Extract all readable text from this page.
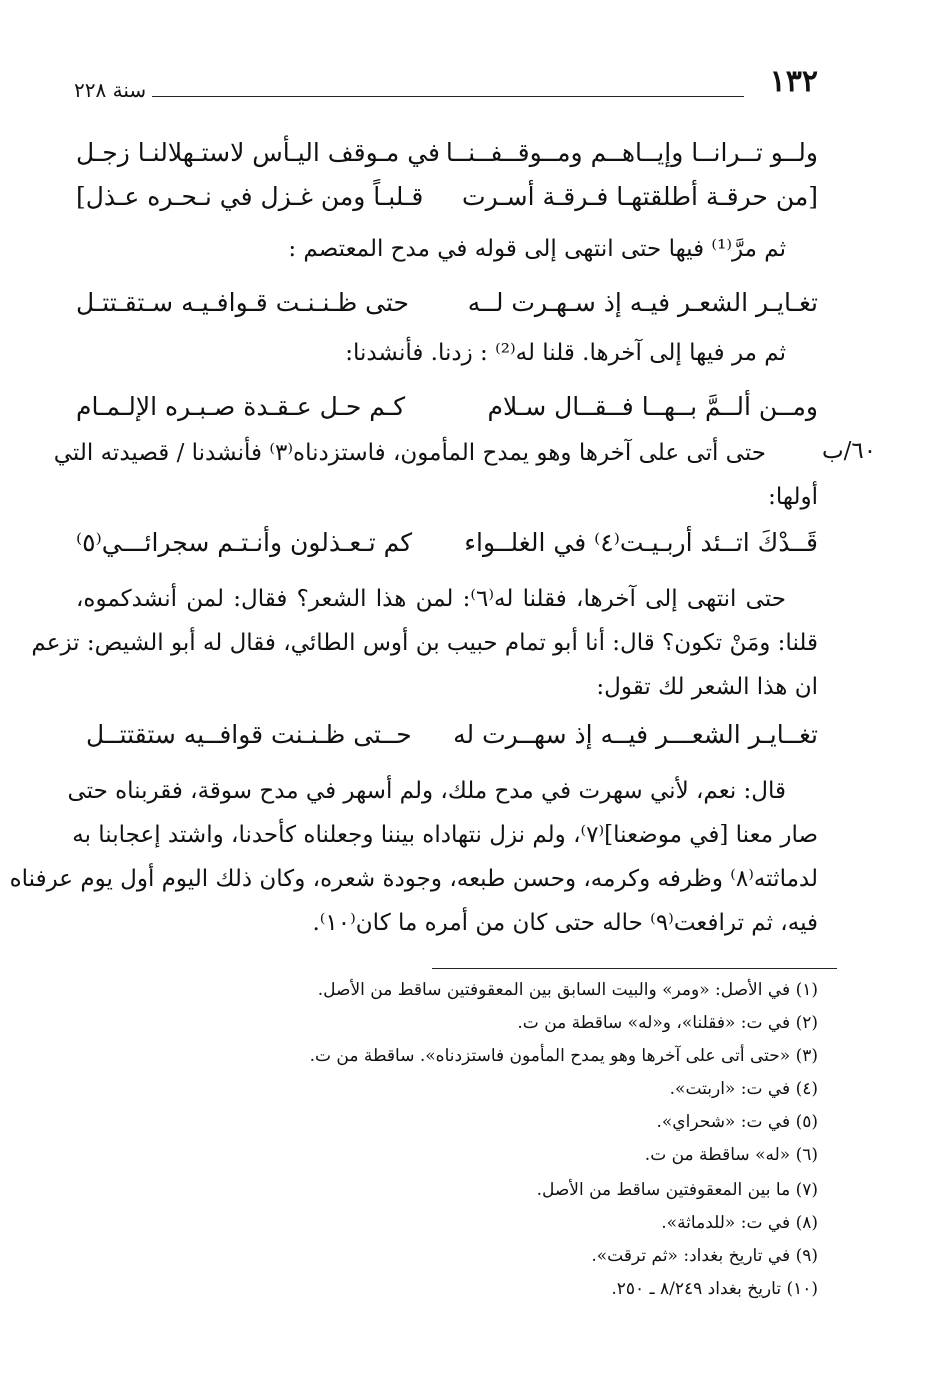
١٣٢
سنة ٢٢٨
ولــو تــرانــا وإيــاهــم ومــوقــفــنــا
في مـوقف اليـأس لاستـهلالنـا زجـل
[من حرقـة أطلقتهـا فـرقـة أسـرت
قـلبـاً ومن غـزل في نـحـره عـذل]
ثم مرَّ⁽¹⁾ فيها حتى انتهى إلى قوله في مدح المعتصم :
تغـايـر الشعـر فيـه إذ سـهـرت لــه
حتى ظـنـنـت قـوافـيـه سـتقـتتـل
ثم مر فيها إلى آخرها. قلنا له⁽²⁾ : زدنا. فأنشدنا:
ومــن ألــمَّ بــهــا فــقــال سـلام
كـم حـل عـقـدة صـبـره الإلـمـام
٦٠/ب
حتى أتى على آخرها وهو يمدح المأمون، فاستزدناه⁽٣⁾ فأنشدنا / قصيدته التي
أولها:
قَــدْكَ اتــئد أربـيـت⁽٤⁾ في الغلــواء
كم تـعـذلون وأنـتـم سجرائـــي⁽٥⁾
حتى انتهى إلى آخرها، فقلنا له⁽٦⁾: لمن هذا الشعر؟ فقال: لمن أنشدكموه،
قلنا: ومَنْ تكون؟ قال: أنا أبو تمام حبيب بن أوس الطائي، فقال له أبو الشيص: تزعم
ان هذا الشعر لك تقول:
تغــايـر الشعـــر فيــه إذ سهــرت له
حــتى ظـنـنت قوافــيه ستقتتــل
قال: نعم، لأني سهرت في مدح ملك، ولم أسهر في مدح سوقة، فقربناه حتى
صار معنا [في موضعنا]⁽٧⁾، ولم نزل نتهاداه بيننا وجعلناه كأحدنا، واشتد إعجابنا به
لدماثته⁽٨⁾ وظرفه وكرمه، وحسن طبعه، وجودة شعره، وكان ذلك اليوم أول يوم عرفناه
فيه، ثم ترافعت⁽٩⁾ حاله حتى كان من أمره ما كان⁽١٠⁾.
(١) في الأصل: «ومر» والبيت السابق بين المعقوفتين ساقط من الأصل.
(٢) في ت: «فقلنا»، و«له» ساقطة من ت.
(٣) «حتى أتى على آخرها وهو يمدح المأمون فاستزدناه». ساقطة من ت.
(٤) في ت: «اربتت».
(٥) في ت: «شحراي».
(٦) «له» ساقطة من ت.
(٧) ما بين المعقوفتين ساقط من الأصل.
(٨) في ت: «للدماثة».
(٩) في تاريخ بغداد: «ثم ترقت».
(١٠) تاريخ بغداد ٨/٢٤٩ ـ ٢٥٠.
